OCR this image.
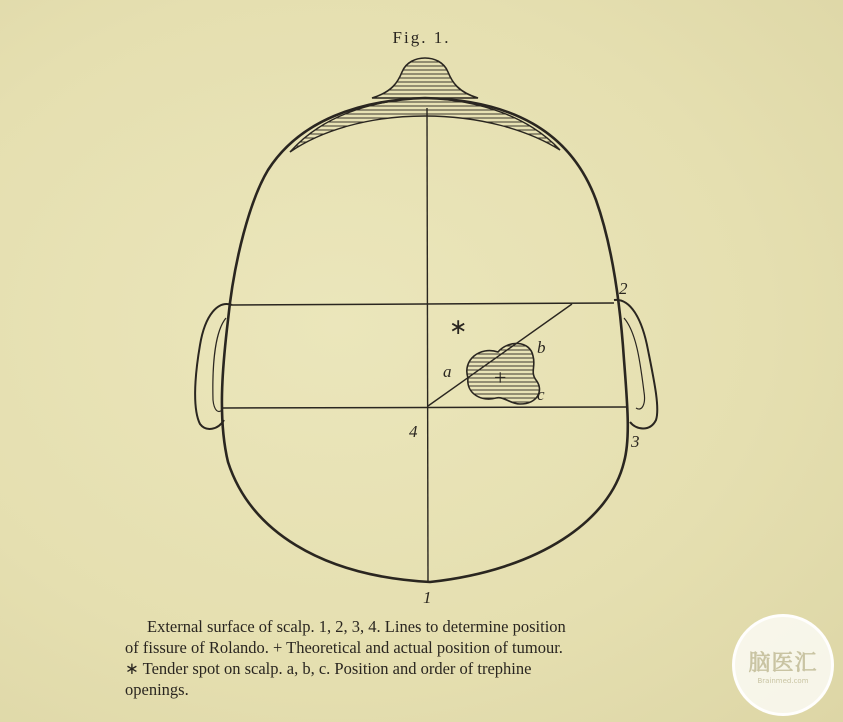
Fig. 1.
a
b
c
+
∗
1
2
3
4
External surface of scalp. 1, 2, 3, 4. Lines to determine position
of fissure of Rolando. + Theoretical and actual position of tumour.
∗ Tender spot on scalp. a, b, c. Position and order of trephine
openings.
脑医汇
Brainmed.com
